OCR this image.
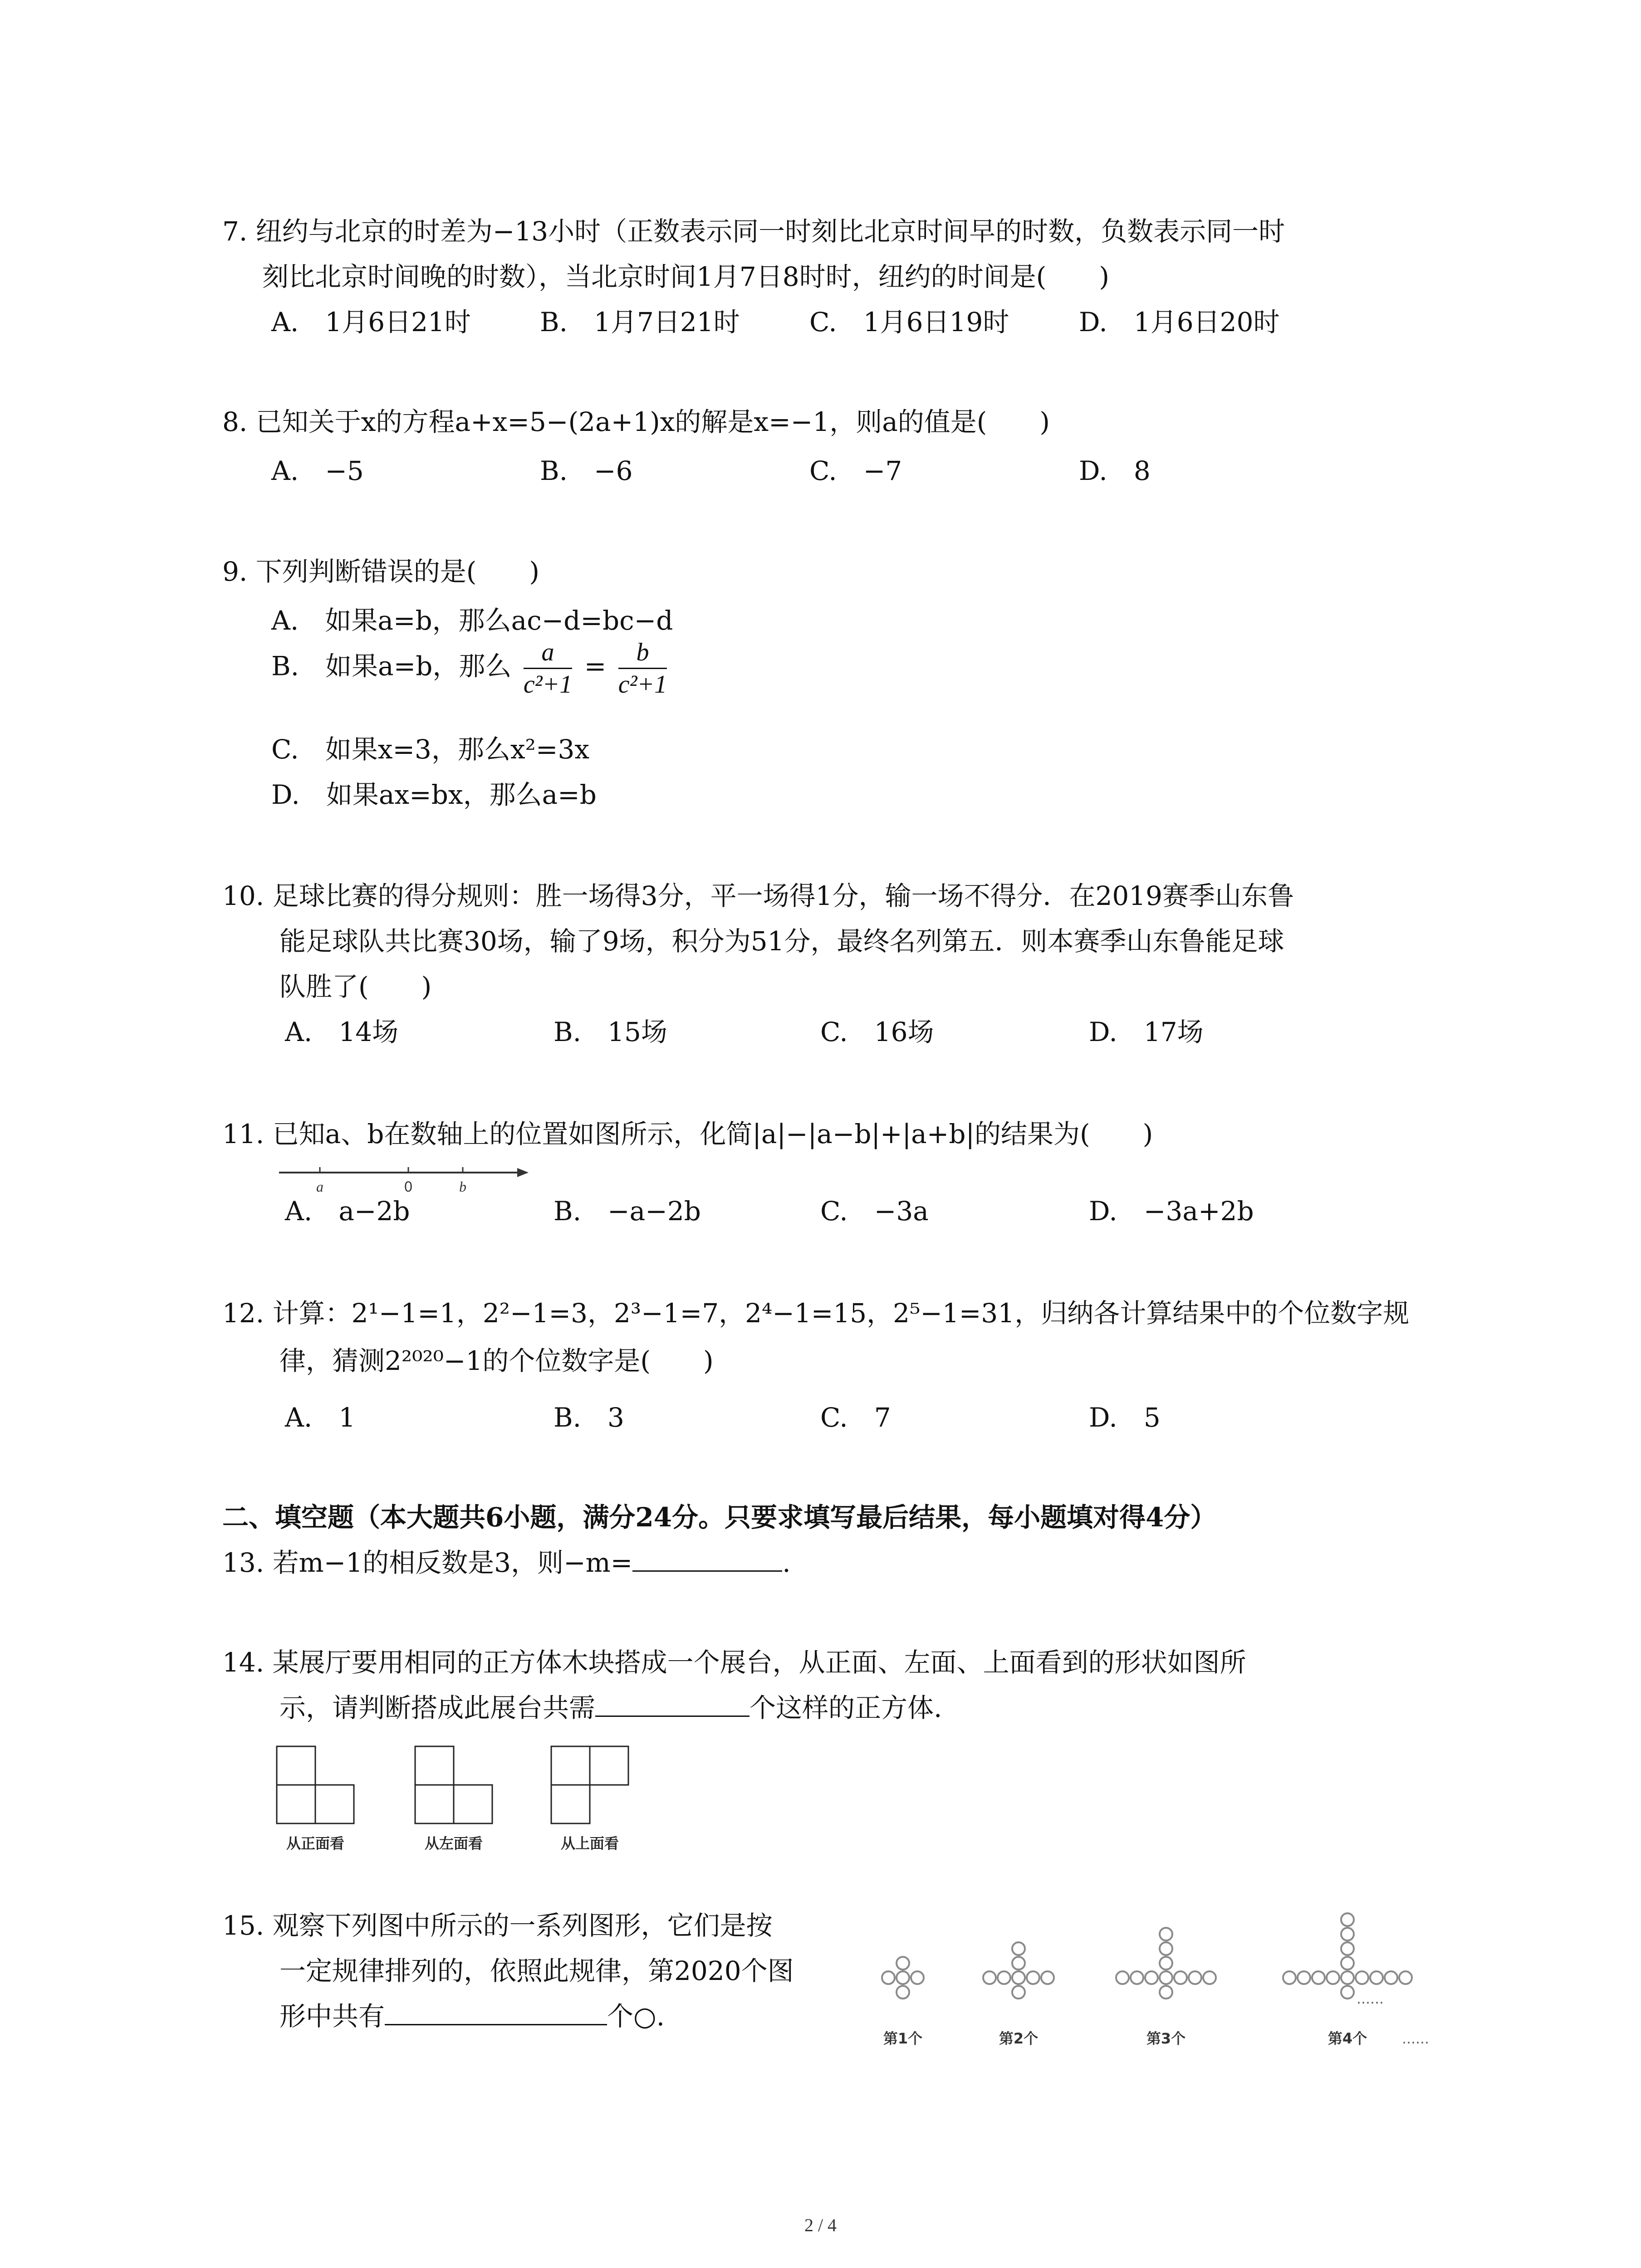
7. 纽约与北京的时差为−13小时（正数表示同一时刻比北京时间早的时数，负数表示同一时
刻比北京时间晚的时数），当北京时间1月7日8时时，纽约的时间是(　　)
A.　1月6日21时	B.　1月7日21时	C.　1月6日19时	D.　1月6日20时
8. 已知关于x的方程a+x=5−(2a+1)x的解是x=−1，则a的值是(　　)
A.　−5	B.　−6	C.　−7	D.　8
9. 下列判断错误的是(　　)
A.　如果a=b，那么ac−d=bc−d
B.　如果a=b，那么 $\frac{a}{\text{c²+1}} = \frac{b}{\text{c²+1}}$
C.　如果x=3，那么x²=3x
D.　如果ax=bx，那么a=b
10. 足球比赛的得分规则：胜一场得3分，平一场得1分，输一场不得分．在2019赛季山东鲁
能足球队共比赛30场，输了9场，积分为51分，最终名列第五．则本赛季山东鲁能足球
队胜了(　　)
A.　14场	B.　15场	C.　16场	D.　17场
11. 已知a、b在数轴上的位置如图所示，化简|a|−|a−b|+|a+b|的结果为(　　)
a	0	b
A.　a−2b	B.　−a−2b	C.　−3a	D.　−3a+2b
12. 计算：2¹−1=1，2²−1=3，2³−1=7，2⁴−1=15，2⁵−1=31，归纳各计算结果中的个位数字规
律，猜测2²⁰²⁰−1的个位数字是(　　)
A.　1	B.　3	C.　7	D.　5
二、填空题（本大题共6小题，满分24分。只要求填写最后结果，每小题填对得4分）
13. 若m−1的相反数是3，则−m=	.
14. 某展厅要用相同的正方体木块搭成一个展台，从正面、左面、上面看到的形状如图所
示，请判断搭成此展台共需	个这样的正方体.
从正面看	从左面看	从上面看
15. 观察下列图中所示的一系列图形，它们是按
一定规律排列的，依照此规律，第2020个图
形中共有	个○.
第1个	第2个	第3个	第4个	……
……
2 / 4
